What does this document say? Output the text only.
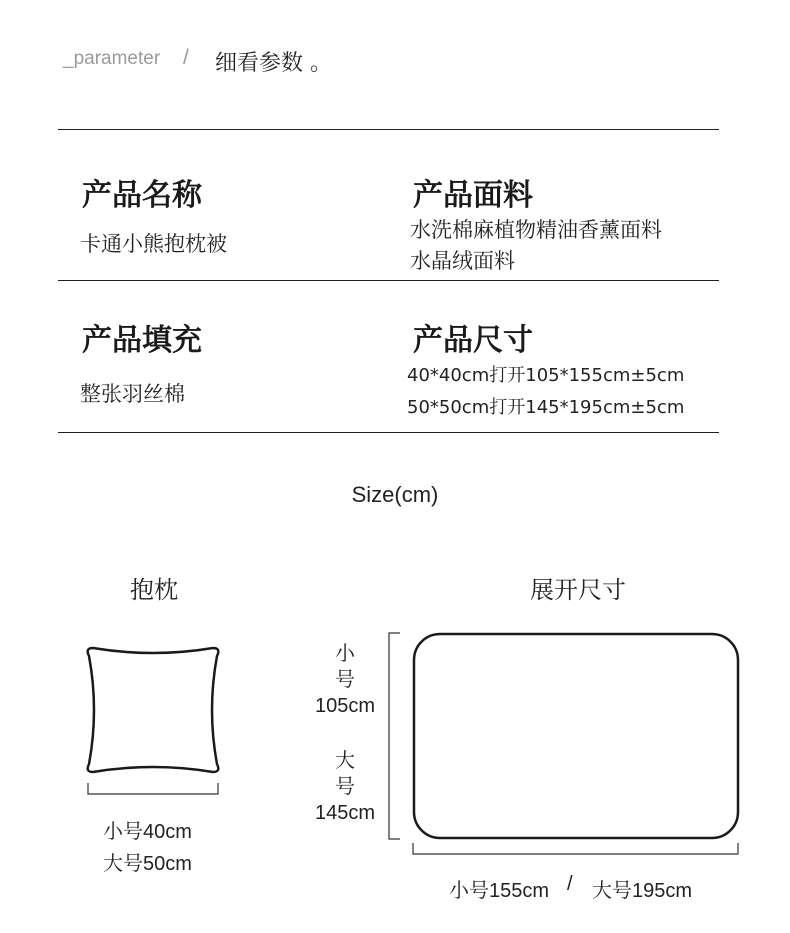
_parameter / 细看参数 。
产品名称
卡通小熊抱枕被
产品面料
水洗棉麻植物精油香薰面料
水晶绒面料
产品填充
整张羽丝棉
产品尺寸
40*40cm打开105*155cm±5cm
50*50cm打开145*195cm±5cm
Size(cm)
抱枕
小号40cm
大号50cm
展开尺寸
小
号
105cm
大
号
145cm
小号155cm / 大号195cm
